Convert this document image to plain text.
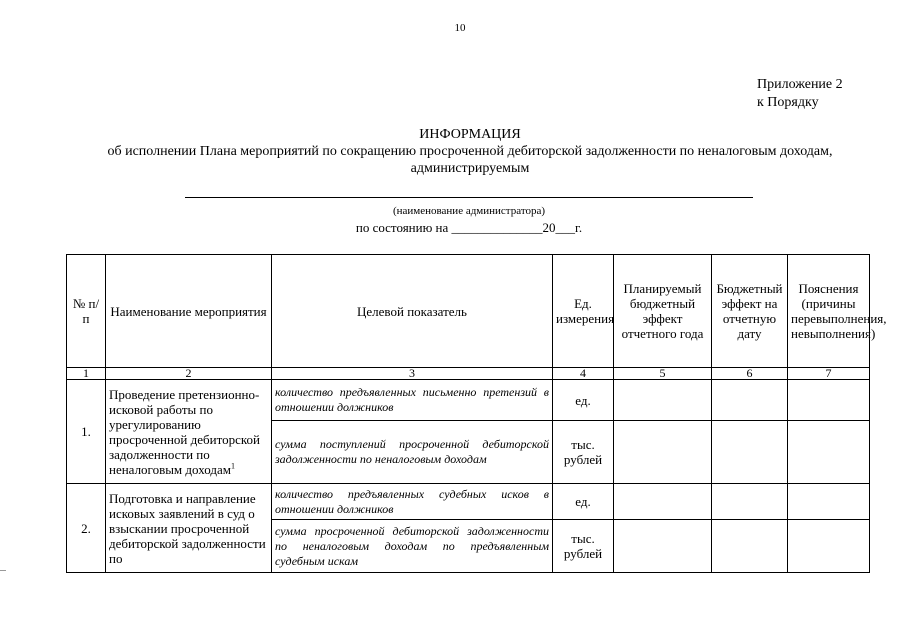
10
Приложение 2
к Порядку
ИНФОРМАЦИЯ
об исполнении Плана мероприятий по сокращению просроченной дебиторской задолженности по неналоговым доходам,
администрируемым
(наименование администратора)
по состоянию на ______________20___г.
№ п/п	Наименование мероприятия	Целевой показатель	Ед. измерения	Планируемый бюджетный эффект отчетного года	Бюджетный эффект на отчетную дату	Пояснения (причины перевыполнения, невыполнения)
1	2	3	4	5	6	7
1.	Проведение претензионно-исковой работы по урегулированию просроченной дебиторской задолженности по неналоговым доходам$^1$	количество предъявленных письменно претензий в отношении должников	ед.			
		сумма поступлений просроченной дебиторской задолженности по неналоговым доходам	тыс. рублей			
2.	Подготовка и направление исковых заявлений в суд о взыскании просроченной дебиторской задолженности по	количество предъявленных судебных исков в отношении должников	ед.			
		сумма просроченной дебиторской задолженности по неналоговым доходам по предъявленным судебным искам	тыс. рублей			
